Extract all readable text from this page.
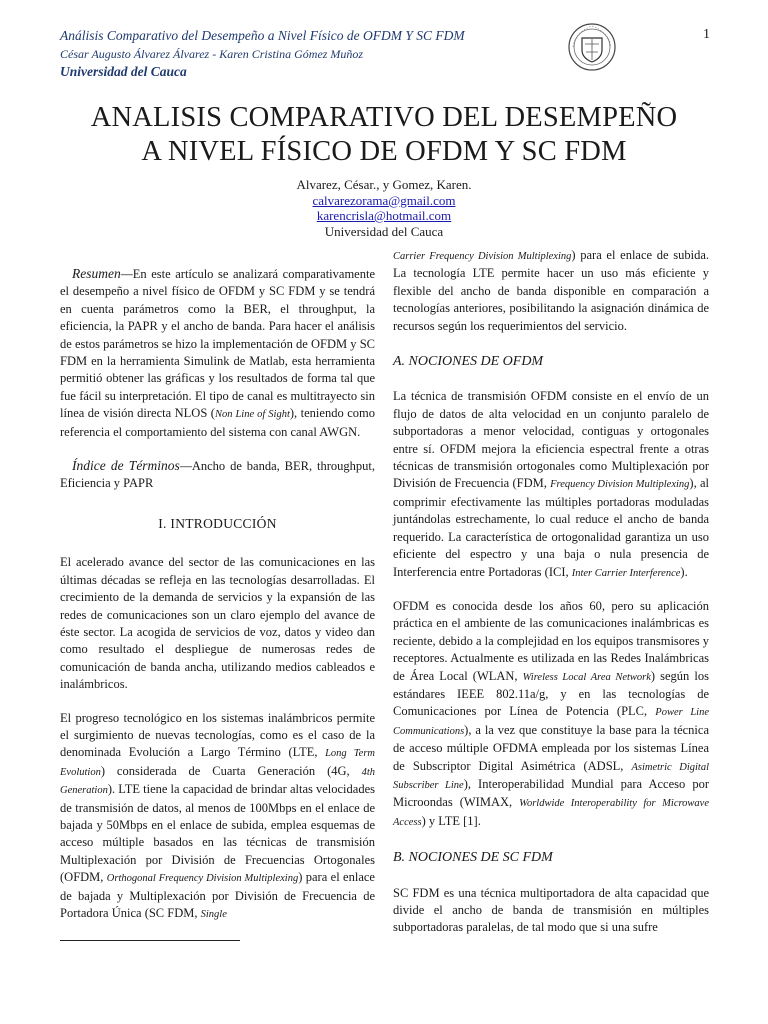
Análisis Comparativo del Desempeño a Nivel Físico de OFDM Y SC FDM
César Augusto Álvarez Álvarez - Karen Cristina Gómez Muñoz
Universidad del Cauca
1
ANALISIS COMPARATIVO DEL DESEMPEÑO
A NIVEL FÍSICO DE OFDM Y SC FDM
Alvarez, César., y Gomez, Karen.
calvarezorama@gmail.com
karencrisla@hotmail.com
Universidad del Cauca

Resumen—En este artículo se analizará comparativamente el desempeño a nivel físico de OFDM y SC FDM y se tendrá en cuenta parámetros como la BER, el throughput, la eficiencia, la PAPR y el ancho de banda. Para hacer el análisis de estos parámetros se hizo la implementación de OFDM y SC FDM en la herramienta Simulink de Matlab, esta herramienta permitió obtener las gráficas y los resultados de forma tal que fue fácil su interpretación. El tipo de canal es multitrayecto sin línea de visión directa NLOS (Non Line of Sight), teniendo como referencia el comportamiento del sistema con canal AWGN.

Índice de Términos—Ancho de banda, BER, throughput, Eficiencia y PAPR

I. INTRODUCCIÓN

El acelerado avance del sector de las comunicaciones en las últimas décadas se refleja en las tecnologías desarrolladas. El crecimiento de la demanda de servicios y la expansión de las redes de comunicaciones son un claro ejemplo del avance de éste sector. La acogida de servicios de voz, datos y video dan como resultado el despliegue de numerosas redes de comunicación de banda ancha, utilizando medios cableados e inalámbricos.

El progreso tecnológico en los sistemas inalámbricos permite el surgimiento de nuevas tecnologías, como es el caso de la denominada Evolución a Largo Término (LTE, Long Term Evolution) considerada de Cuarta Generación (4G, 4th Generation). LTE tiene la capacidad de brindar altas velocidades de transmisión de datos, al menos de 100Mbps en el enlace de bajada y 50Mbps en el enlace de subida, emplea esquemas de acceso múltiple basados en las técnicas de transmisión Multiplexación por División de Frecuencias Ortogonales (OFDM, Orthogonal Frequency Division Multiplexing) para el enlace de bajada y Multiplexación por División de Frecuencia de Portadora Única (SC FDM, Single

Carrier Frequency Division Multiplexing) para el enlace de subida. La tecnología LTE permite hacer un uso más eficiente y flexible del ancho de banda disponible en comparación a tecnologías anteriores, posibilitando la asignación dinámica de recursos según los requerimientos del servicio.

A. NOCIONES DE OFDM

La técnica de transmisión OFDM consiste en el envío de un flujo de datos de alta velocidad en un conjunto paralelo de subportadoras a menor velocidad, contiguas y ortogonales entre sí. OFDM mejora la eficiencia espectral frente a otras técnicas de transmisión ortogonales como Multiplexación por División de Frecuencia (FDM, Frequency Division Multiplexing), al comprimir efectivamente las múltiples portadoras moduladas juntándolas estrechamente, lo cual reduce el ancho de banda requerido. La característica de ortogonalidad garantiza un uso eficiente del espectro y una baja o nula presencia de Interferencia entre Portadoras (ICI, Inter Carrier Interference).

OFDM es conocida desde los años 60, pero su aplicación práctica en el ambiente de las comunicaciones inalámbricas es reciente, debido a la complejidad en los equipos transmisores y receptores. Actualmente es utilizada en las Redes Inalámbricas de Área Local (WLAN, Wireless Local Area Network) según los estándares IEEE 802.11a/g, y en las tecnologías de Comunicaciones por Línea de Potencia (PLC, Power Line Communications), a la vez que constituye la base para la técnica de acceso múltiple OFDMA empleada por los sistemas Línea de Subscriptor Digital Asimétrica (ADSL, Asimetric Digital Subscriber Line), Interoperabilidad Mundial para Acceso por Microondas (WIMAX, Worldwide Interoperability for Microwave Access) y LTE [1].

B. NOCIONES DE SC FDM

SC FDM es una técnica multiportadora de alta capacidad que divide el ancho de banda de transmisión en múltiples subportadoras paralelas, de tal modo que si una sufre
